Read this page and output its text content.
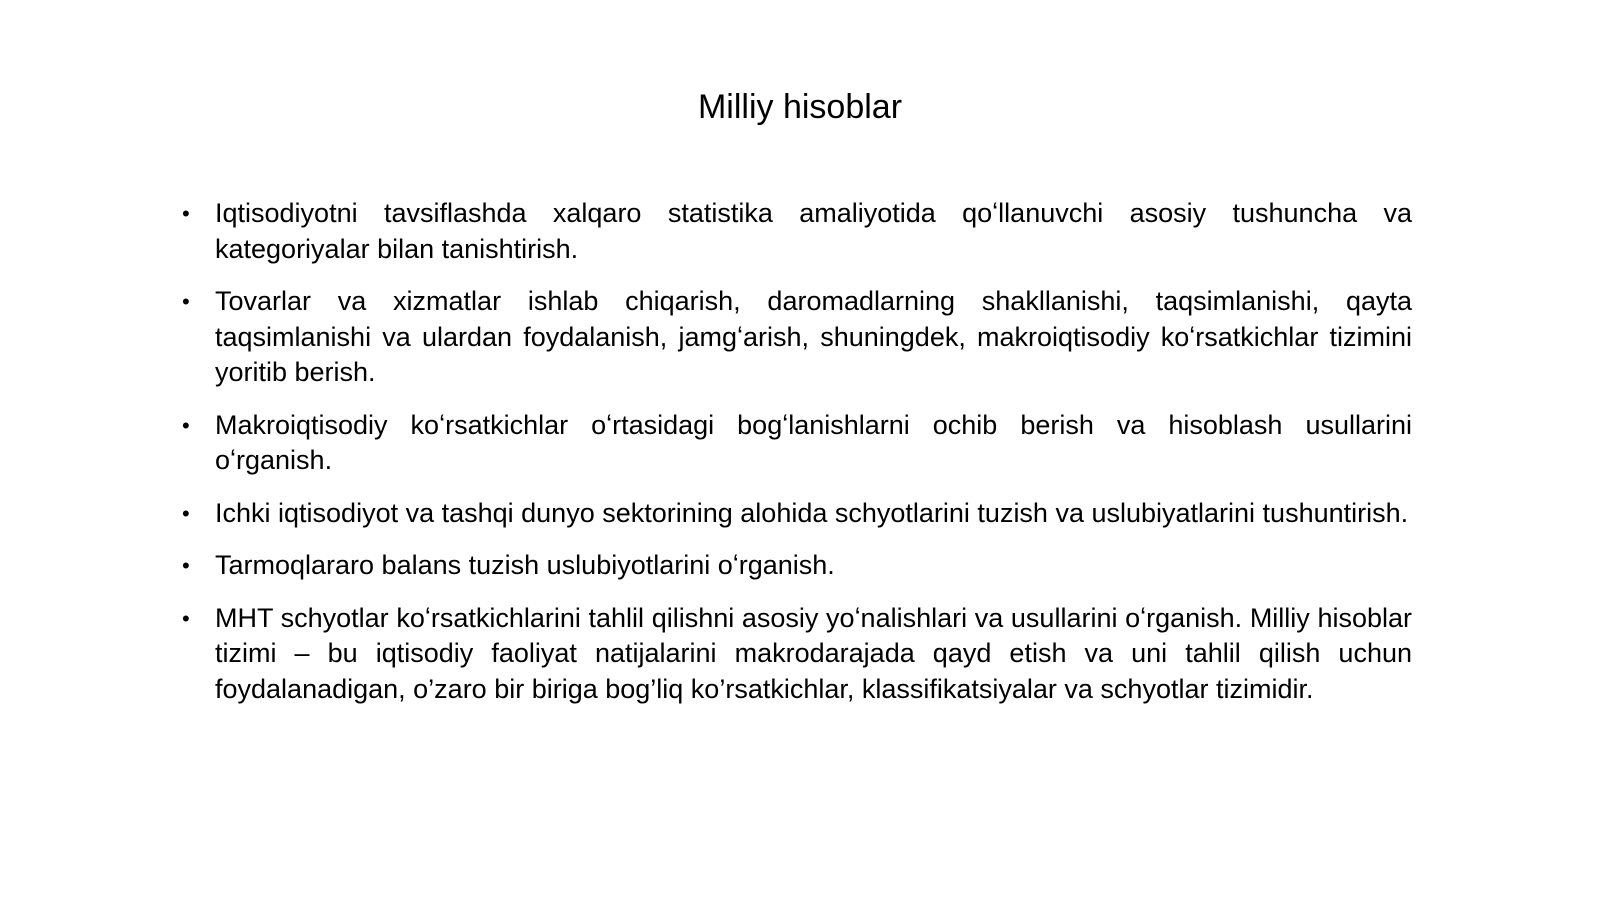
Milliy hisoblar
• Iqtisodiyotni tavsiflashda xalqaro statistika amaliyotida qoʻllanuvchi asosiy tushuncha va kategoriyalar bilan tanishtirish.
• Tovarlar va xizmatlar ishlab chiqarish, daromadlarning shakllanishi, taqsimlanishi, qayta taqsimlanishi va ulardan foydalanish, jamgʻarish, shuningdek, makroiqtisodiy koʻrsatkichlar tizimini yoritib berish.
• Makroiqtisodiy koʻrsatkichlar oʻrtasidagi bogʻlanishlarni ochib berish va hisoblash usullarini oʻrganish.
• Ichki iqtisodiyot va tashqi dunyo sektorining alohida schyotlarini tuzish va uslubiyatlarini tushuntirish.
• Tarmoqlararo balans tuzish uslubiyotlarini oʻrganish.
• MHT schyotlar koʻrsatkichlarini tahlil qilishni asosiy yoʻnalishlari va usullarini oʻrganish. Milliy hisoblar tizimi – bu iqtisodiy faoliyat natijalarini makrodarajada qayd etish va uni tahlil qilish uchun foydalanadigan, o’zaro bir biriga bog’liq ko’rsatkichlar, klassifikatsiyalar va schyotlar tizimidir.
